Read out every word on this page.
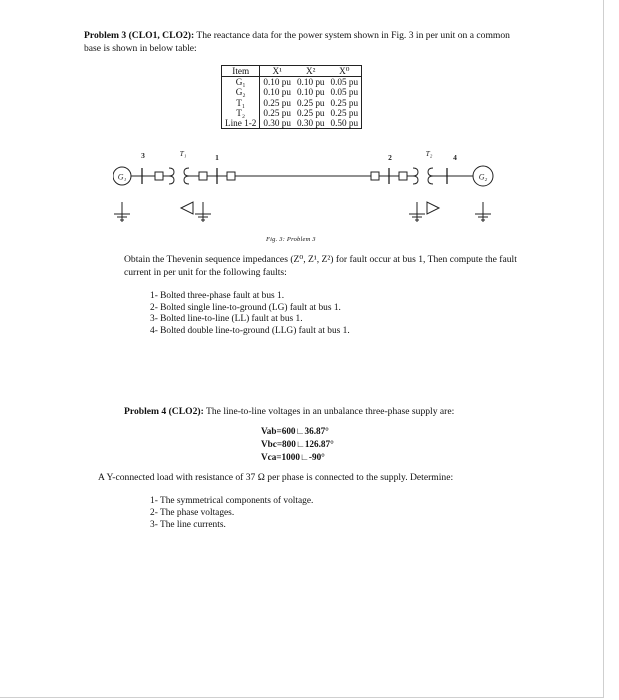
Problem 3 (CLO1, CLO2): The reactance data for the power system shown in Fig. 3 in per unit on a common base is shown in below table:
Item	X¹	X²	X⁰
G₁	0.10 pu	0.10 pu	0.05 pu
G₂	0.10 pu	0.10 pu	0.05 pu
T₁	0.25 pu	0.25 pu	0.25 pu
T₂	0.25 pu	0.25 pu	0.25 pu
Line 1-2	0.30 pu	0.30 pu	0.50 pu
G₁
3	T₁	1	2	T₂	4
G₂
Fig. 3: Problem 3
Obtain the Thevenin sequence impedances (Z⁰, Z¹, Z²) for fault occur at bus 1, Then compute the fault current in per unit for the following faults:
1- Bolted three-phase fault at bus 1.
2- Bolted single line-to-ground (LG) fault at bus 1.
3- Bolted line-to-line (LL) fault at bus 1.
4- Bolted double line-to-ground (LLG) fault at bus 1.
Problem 4 (CLO2): The line-to-line voltages in an unbalance three-phase supply are:
Vab=600∟36.87°
Vbc=800∟126.87°
Vca=1000∟-90°
A Y-connected load with resistance of 37 Ω per phase is connected to the supply. Determine:
1- The symmetrical components of voltage.
2- The phase voltages.
3- The line currents.
